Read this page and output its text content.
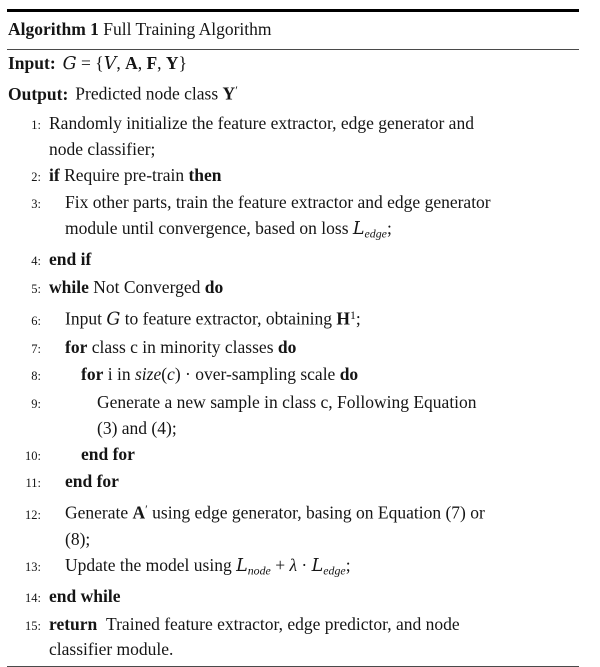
Algorithm 1 Full Training Algorithm
Input: G = {V, A, F, Y}
Output: Predicted node class Y′
1: Randomly initialize the feature extractor, edge generator and
node classifier;
2: if Require pre-train then
3:	Fix other parts, train the feature extractor and edge generator
module until convergence, based on loss Ledge;
4: end if
5: while Not Converged do
6:	Input G to feature extractor, obtaining $H^1$;
7:	for class c in minority classes do
8:	for i in size(c) · over-sampling scale do
9:	Generate a new sample in class c, Following Equation
(3) and (4);
10:	end for
11:	end for
12:	Generate A′ using edge generator, basing on Equation (7) or
(8);
13:	Update the model using Lnode + λ · Ledge;
14: end while
15: return Trained feature extractor, edge predictor, and node
classifier module.
